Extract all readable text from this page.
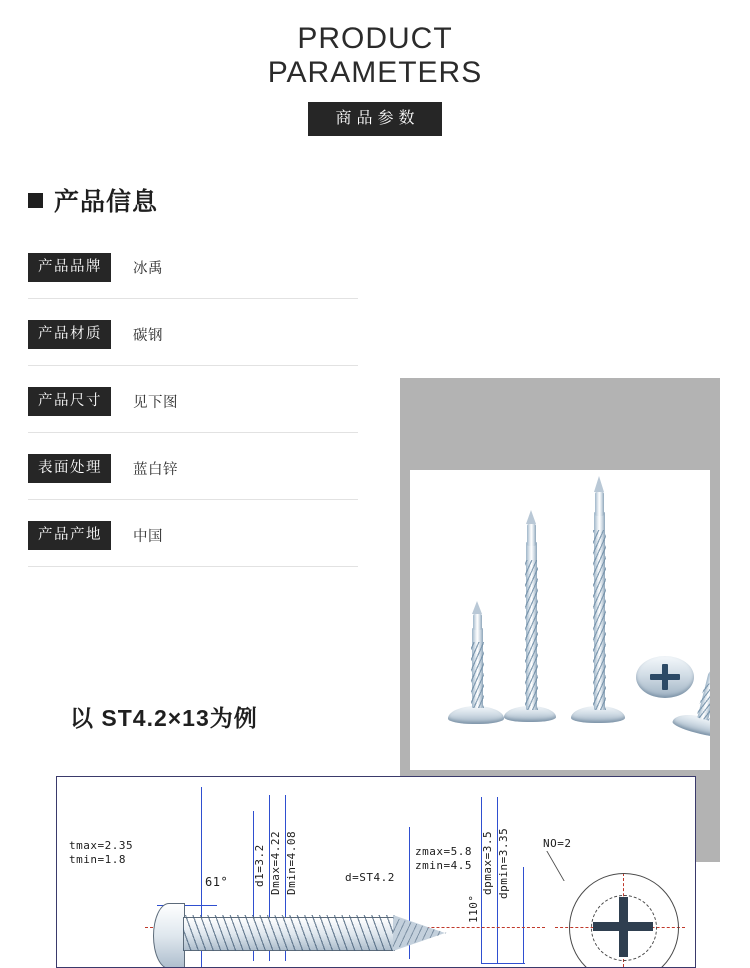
PRODUCT
PARAMETERS
商品参数
产品信息
产品品牌	冰禹
产品材质	碳钢
产品尺寸	见下图
表面处理	蓝白锌
产品产地	中国
以 ST4.2×13为例
tmax=2.35
tmin=1.8
61° d1=3.2 Dmax=4.22 Dmin=4.08	d=ST4.2
zmax=5.8
zmin=4.5 dpmax=3.5 dpmin=3.35
110°
NO=2
